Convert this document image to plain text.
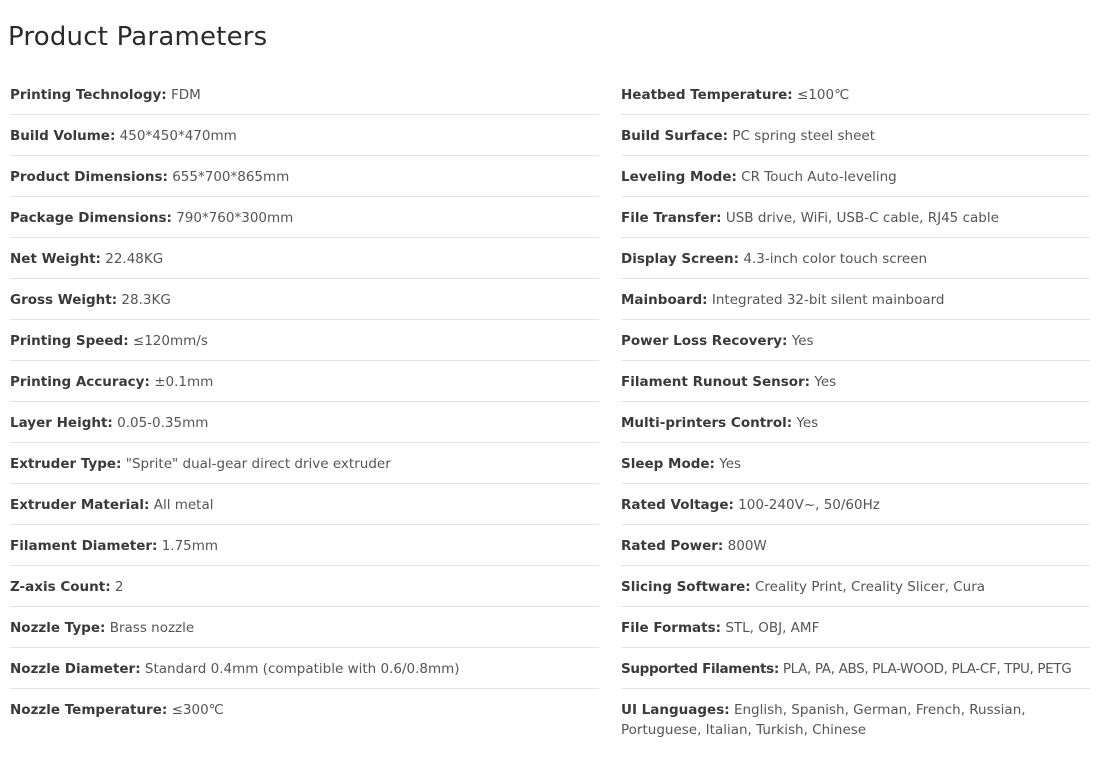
Product Parameters
Printing Technology: FDM
Build Volume: 450*450*470mm
Product Dimensions: 655*700*865mm
Package Dimensions: 790*760*300mm
Net Weight: 22.48KG
Gross Weight: 28.3KG
Printing Speed: ≤120mm/s
Printing Accuracy: ±0.1mm
Layer Height: 0.05-0.35mm
Extruder Type: "Sprite" dual-gear direct drive extruder
Extruder Material: All metal
Filament Diameter: 1.75mm
Z-axis Count: 2
Nozzle Type: Brass nozzle
Nozzle Diameter: Standard 0.4mm (compatible with 0.6/0.8mm)
Nozzle Temperature: ≤300℃
Heatbed Temperature: ≤100℃
Build Surface: PC spring steel sheet
Leveling Mode: CR Touch Auto-leveling
File Transfer: USB drive, WiFi, USB-C cable, RJ45 cable
Display Screen: 4.3-inch color touch screen
Mainboard: Integrated 32-bit silent mainboard
Power Loss Recovery: Yes
Filament Runout Sensor: Yes
Multi-printers Control: Yes
Sleep Mode: Yes
Rated Voltage: 100-240V~, 50/60Hz
Rated Power: 800W
Slicing Software: Creality Print, Creality Slicer, Cura
File Formats: STL, OBJ, AMF
Supported Filaments: PLA, PA, ABS, PLA-WOOD, PLA-CF, TPU, PETG
UI Languages: English, Spanish, German, French, Russian, Portuguese, Italian, Turkish, Chinese
